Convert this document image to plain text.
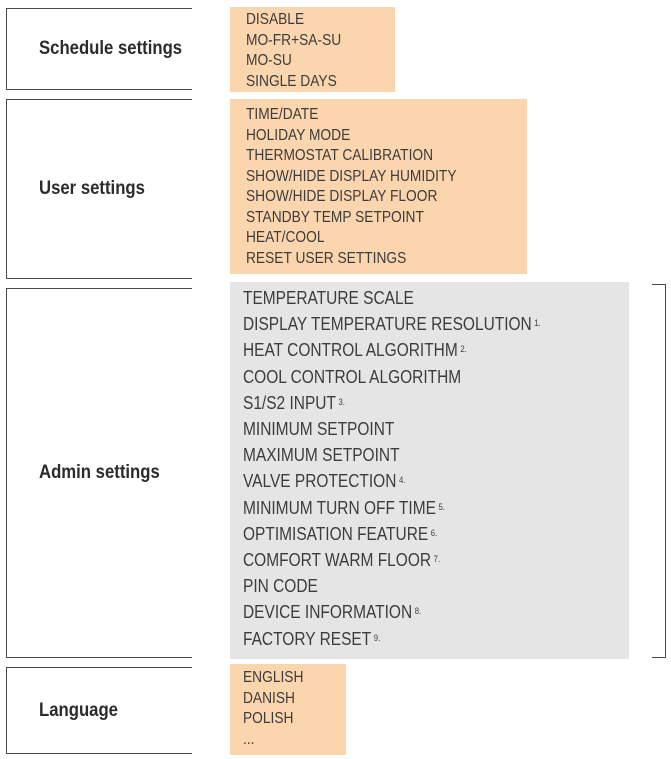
Schedule settings
DISABLE
MO-FR+SA-SU
MO-SU
SINGLE DAYS
User settings
TIME/DATE
HOLIDAY MODE
THERMOSTAT CALIBRATION
SHOW/HIDE DISPLAY HUMIDITY
SHOW/HIDE DISPLAY FLOOR
STANDBY TEMP SETPOINT
HEAT/COOL
RESET USER SETTINGS
Admin settings
TEMPERATURE SCALE
DISPLAY TEMPERATURE RESOLUTION $^{1.}$
HEAT CONTROL ALGORITHM $^{2.}$
COOL CONTROL ALGORITHM
S1/S2 INPUT $^{3.}$
MINIMUM SETPOINT
MAXIMUM SETPOINT
VALVE PROTECTION $^{4.}$
MINIMUM TURN OFF TIME $^{5.}$
OPTIMISATION FEATURE $^{6.}$
COMFORT WARM FLOOR $^{7.}$
PIN CODE
DEVICE INFORMATION $^{8.}$
FACTORY RESET $^{9.}$
Language
ENGLISH
DANISH
POLISH
...
